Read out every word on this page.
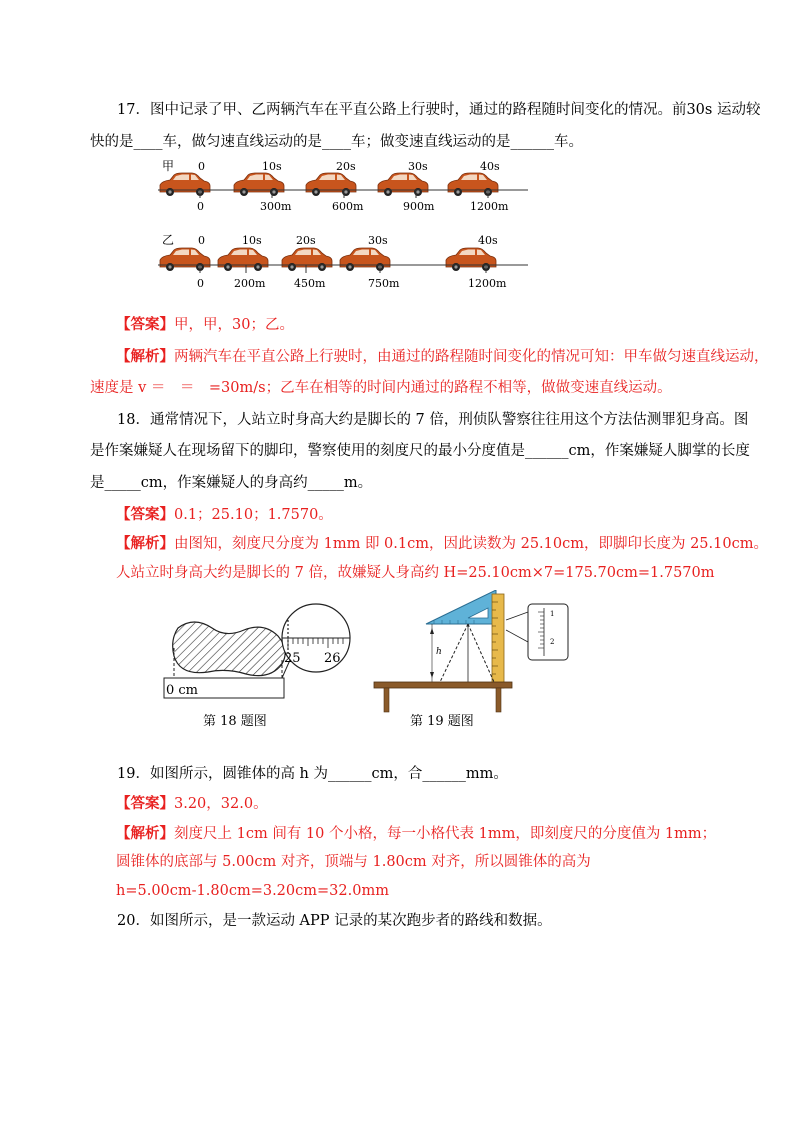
17．图中记录了甲、乙两辆汽车在平直公路上行驶时，通过的路程随时间变化的情况。前30s 运动较
快的是____车，做匀速直线运动的是____车；做变速直线运动的是______车。
甲 0	10s	20s	30s	40s
0	300m	600m	900m	1200m
乙 0	10s	20s	30s	40s
0	200m	450m	750m	1200m
【答案】甲，甲，30；乙。
【解析】两辆汽车在平直公路上行驶时，由通过的路程随时间变化的情况可知：甲车做匀速直线运动，
速度是 v ＝　＝　=30m/s；乙车在相等的时间内通过的路程不相等，做做变速直线运动。
18．通常情况下，人站立时身高大约是脚长的 7 倍，刑侦队警察往往用这个方法估测罪犯身高。图
是作案嫌疑人在现场留下的脚印，警察使用的刻度尺的最小分度值是______cm，作案嫌疑人脚掌的长度
是_____cm，作案嫌疑人的身高约_____m。
【答案】0.1；25.10；1.7570。
【解析】由图知，刻度尺分度为 1mm 即 0.1cm，因此读数为 25.10cm，即脚印长度为 25.10cm。
人站立时身高大约是脚长的 7 倍，故嫌疑人身高约 H=25.10cm×7=175.70cm=1.7570m
0 cm
25 26
第 18 题图
h
1
2
第 19 题图
19．如图所示，圆锥体的高 h 为______cm，合______mm。
【答案】3.20，32.0。
【解析】刻度尺上 1cm 间有 10 个小格，每一小格代表 1mm，即刻度尺的分度值为 1mm；
圆锥体的底部与 5.00cm 对齐，顶端与 1.80cm 对齐，所以圆锥体的高为
h=5.00cm-1.80cm=3.20cm=32.0mm
20．如图所示，是一款运动 APP 记录的某次跑步者的路线和数据。
